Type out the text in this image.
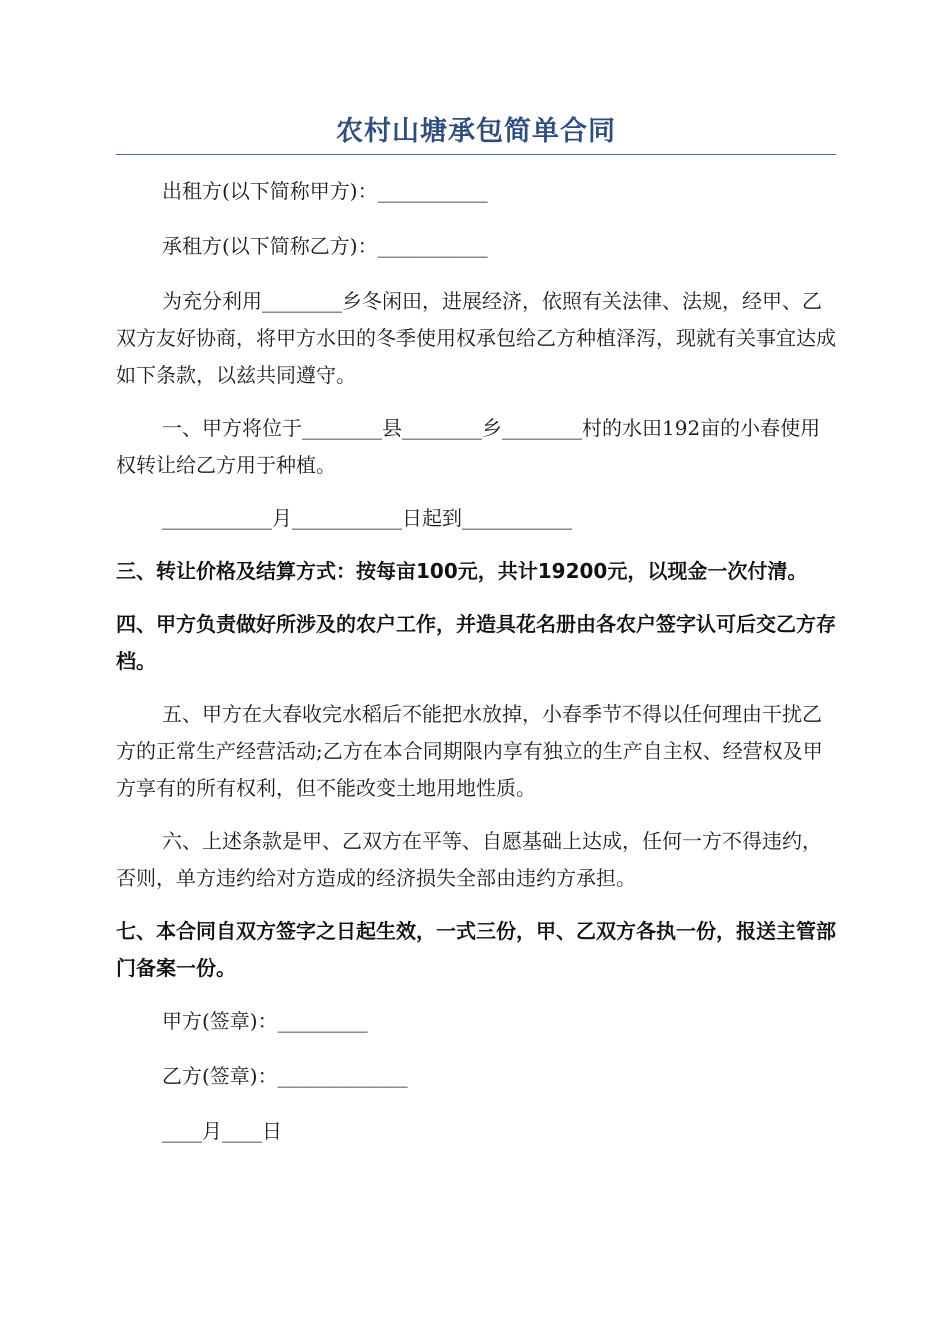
农村山塘承包简单合同

出租方(以下简称甲方)：___________

承租方(以下简称乙方)：___________

为充分利用________乡冬闲田，进展经济，依照有关法律、法规，经甲、乙双方友好协商，将甲方水田的冬季使用权承包给乙方种植泽泻，现就有关事宜达成如下条款，以兹共同遵守。

一、甲方将位于________县________乡________村的水田192亩的小春使用权转让给乙方用于种植。

___________月___________日起到___________

三、转让价格及结算方式：按每亩100元，共计19200元，以现金一次付清。

四、甲方负责做好所涉及的农户工作，并造具花名册由各农户签字认可后交乙方存档。

五、甲方在大春收完水稻后不能把水放掉，小春季节不得以任何理由干扰乙方的正常生产经营活动;乙方在本合同期限内享有独立的生产自主权、经营权及甲方享有的所有权利，但不能改变土地用地性质。

六、上述条款是甲、乙双方在平等、自愿基础上达成，任何一方不得违约，否则，单方违约给对方造成的经济损失全部由违约方承担。

七、本合同自双方签字之日起生效，一式三份，甲、乙双方各执一份，报送主管部门备案一份。

甲方(签章)：_________

乙方(签章)：_____________

____月____日
